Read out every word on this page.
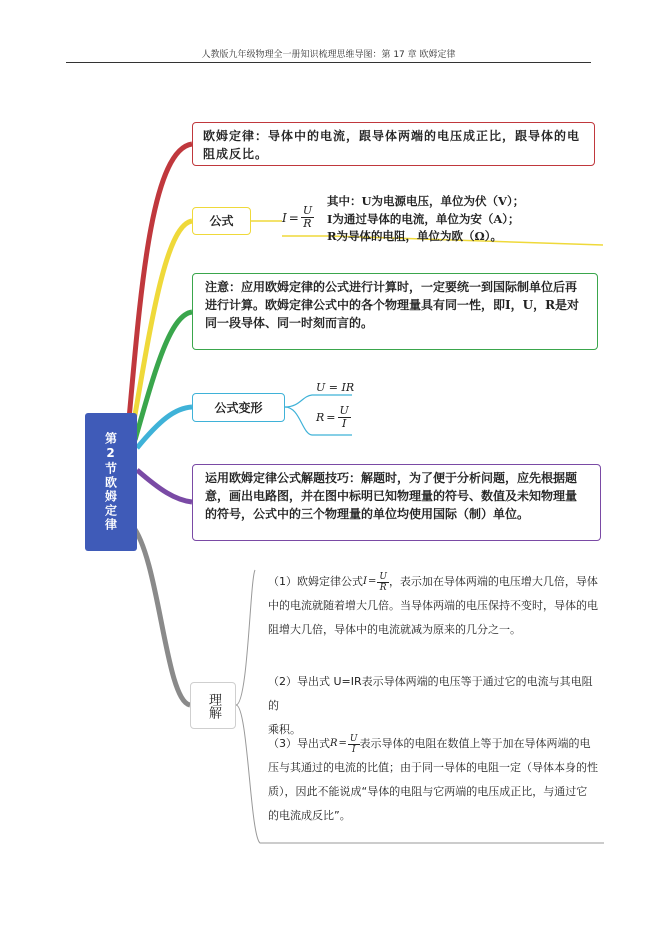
人教版九年级物理全一册知识梳理思维导图：第 17 章 欧姆定律
第2节欧姆定律
欧姆定律：导体中的电流，跟导体两端的电压成正比，跟导体的电阻成反比。
公式	$I = \frac{U}{R}$
其中：U为电源电压，单位为伏（V）；
I为通过导体的电流，单位为安（A）；
R为导体的电阻，单位为欧（Ω）。
注意：应用欧姆定律的公式进行计算时，一定要统一到国际制单位后再进行计算。欧姆定律公式中的各个物理量具有同一性，即I，U，R是对同一段导体、同一时刻而言的。
公式变形
U = IR
$R = \frac{U}{I}$
运用欧姆定律公式解题技巧：解题时，为了便于分析问题，应先根据题意，画出电路图，并在图中标明已知物理量的符号、数值及未知物理量的符号，公式中的三个物理量的单位均使用国际（制）单位。
理解
（1）欧姆定律公式 $I = \frac{U}{R}$ ，表示加在导体两端的电压增大几倍，导体
中的电流就随着增大几倍。当导体两端的电压保持不变时，导体的电
阻增大几倍，导体中的电流就减为原来的几分之一。
（2）导出式 U=IR表示导体两端的电压等于通过它的电流与其电阻的
乘积。
（3）导出式 $R = \frac{U}{I}$ 表示导体的电阻在数值上等于加在导体两端的电
压与其通过的电流的比值；由于同一导体的电阻一定（导体本身的性
质），因此不能说成“导体的电阻与它两端的电压成正比，与通过它
的电流成反比”。
